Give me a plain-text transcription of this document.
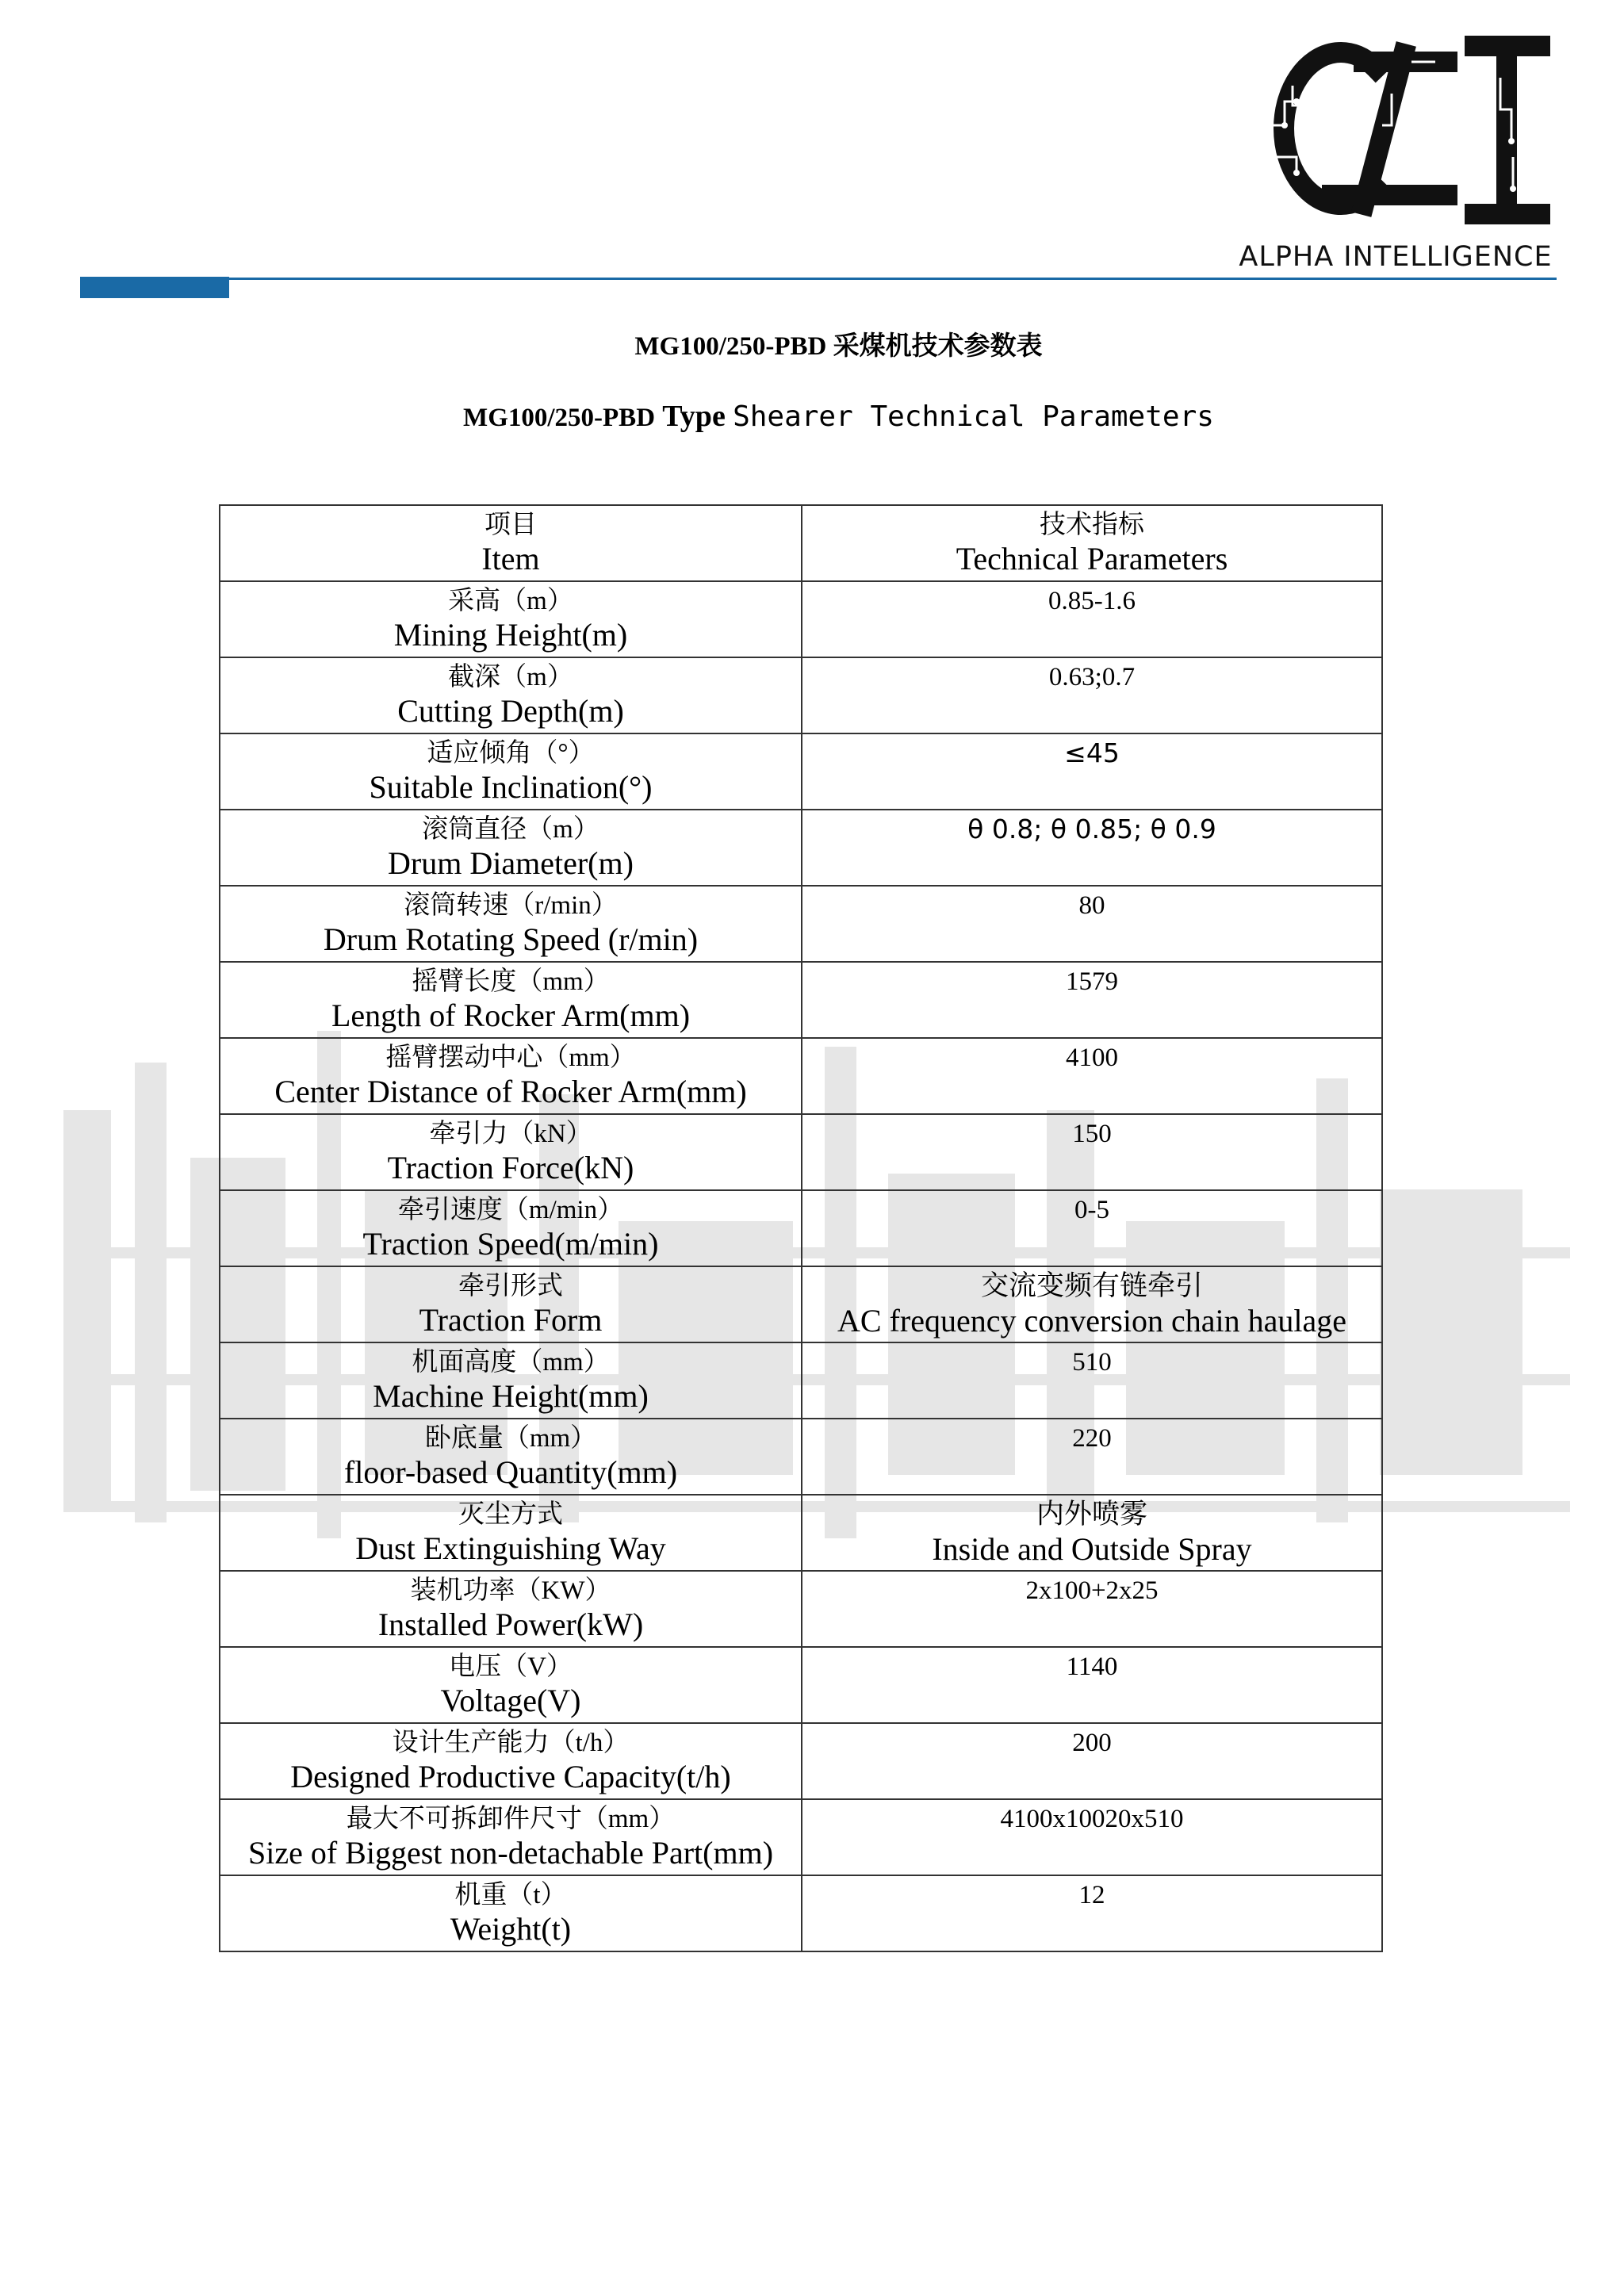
ALPHA INTELLIGENCE
MG100/250-PBD 采煤机技术参数表
MG100/250-PBD Type Shearer Technical Parameters
项目
Item	技术指标
Technical Parameters

采高（m）
Mining Height(m)	0.85-1.6

截深（m）
Cutting Depth(m)	0.63;0.7

适应倾角（°）
Suitable Inclination(°)	≤45

滚筒直径（m）
Drum Diameter(m)	θ 0.8; θ 0.85; θ 0.9

滚筒转速（r/min）
Drum Rotating Speed (r/min)	80

摇臂长度（mm）
Length of Rocker Arm(mm)	1579

摇臂摆动中心（mm）
Center Distance of Rocker Arm(mm)	4100

牵引力（kN）
Traction Force(kN)	150

牵引速度（m/min）
Traction Speed(m/min)	0-5

牵引形式
Traction Form	交流变频有链牵引
AC frequency conversion chain haulage

机面高度（mm）
Machine Height(mm)	510

卧底量（mm）
floor-based Quantity(mm)	220

灭尘方式
Dust Extinguishing Way	内外喷雾
Inside and Outside Spray

装机功率（KW）
Installed Power(kW)	2x100+2x25

电压（V）
Voltage(V)	1140

设计生产能力（t/h）
Designed Productive Capacity(t/h)	200

最大不可拆卸件尺寸（mm）
Size of Biggest non-detachable Part(mm)	4100x10020x510

机重（t）
Weight(t)	12
